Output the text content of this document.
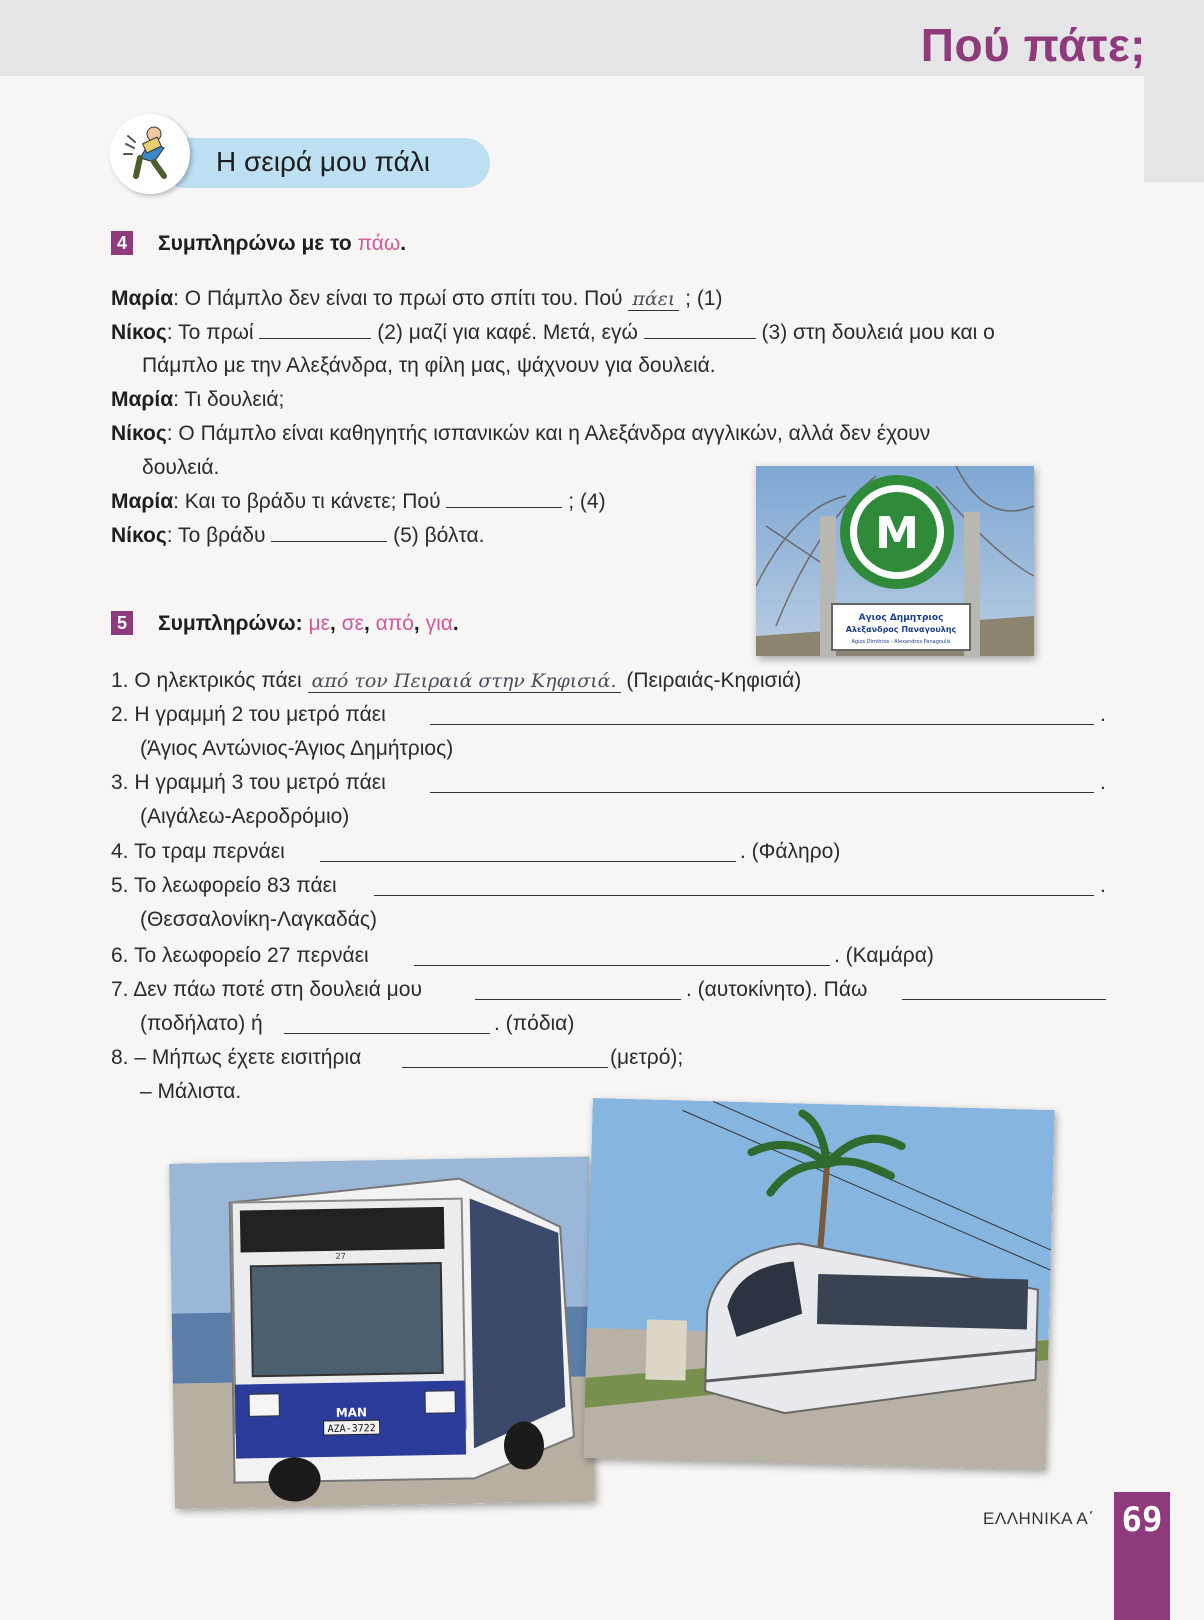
Πού πάτε;
Η σειρά μου πάλι
4 Συμπληρώνω με το πάω.
Μαρία: Ο Πάμπλο δεν είναι το πρωί στο σπίτι του. Πού πάει ; (1)
Νίκος: Το πρωί	(2) μαζί για καφέ. Μετά, εγώ	(3) στη δουλειά μου και ο
Πάμπλο με την Αλεξάνδρα, τη φίλη μας, ψάχνουν για δουλειά.
Μαρία: Τι δουλειά;
Νίκος: Ο Πάμπλο είναι καθηγητής ισπανικών και η Αλεξάνδρα αγγλικών, αλλά δεν έχουν
δουλειά.
Μαρία: Και το βράδυ τι κάνετε; Πού	; (4)
Νίκος: Το βράδυ	(5) βόλτα.	Μ
Αγιος Δημητριος
Αλεξανδρος Παναγουλης
Agios Dimitrios - Alexandros Panagoulis
5 Συμπληρώνω: με, σε, από, για.
1. Ο ηλεκτρικός πάει από τον Πειραιά στην Κηφισιά. (Πειραιάς-Κηφισιά)
2. Η γραμμή 2 του μετρό πάει	.
(Άγιος Αντώνιος-Άγιος Δημήτριος)
3. Η γραμμή 3 του μετρό πάει	.
(Αιγάλεω-Αεροδρόμιο)
4. Το τραμ περνάει	. (Φάληρο)
5. Το λεωφορείο 83 πάει	.
(Θεσσαλονίκη-Λαγκαδάς)
6. Το λεωφορείο 27 περνάει	. (Καμάρα)
7. Δεν πάω ποτέ στη δουλειά μου	. (αυτοκίνητο). Πάω
(ποδήλατο) ή	. (πόδια)
8. – Μήπως έχετε εισιτήρια	(μετρό);
– Μάλιστα.
MAN
ΑΖΑ-3722
27
ΕΛΛΗΝΙΚΑ Α΄ 69
